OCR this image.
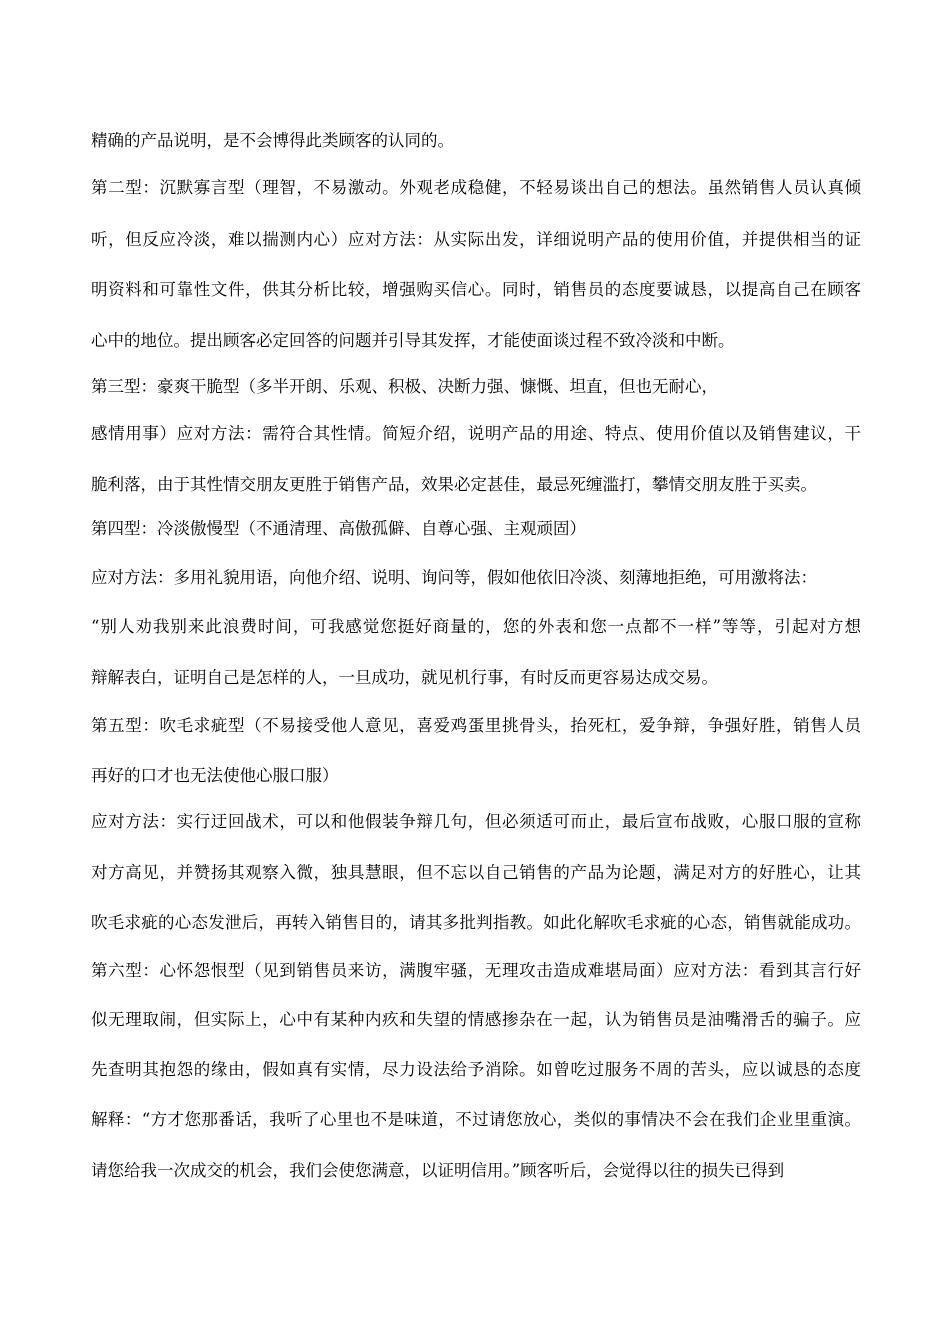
精确的产品说明，是不会博得此类顾客的认同的。
第二型：沉默寡言型（理智，不易激动。外观老成稳健，不轻易谈出自己的想法。虽然销售人员认真倾
听，但反应冷淡，难以揣测内心）应对方法：从实际出发，详细说明产品的使用价值，并提供相当的证
明资料和可靠性文件，供其分析比较，增强购买信心。同时，销售员的态度要诚恳，以提高自己在顾客
心中的地位。提出顾客必定回答的问题并引导其发挥，才能使面谈过程不致冷淡和中断。
第三型：豪爽干脆型（多半开朗、乐观、积极、决断力强、慷慨、坦直，但也无耐心，
感情用事）应对方法：需符合其性情。简短介绍，说明产品的用途、特点、使用价值以及销售建议，干
脆利落，由于其性情交朋友更胜于销售产品，效果必定甚佳，最忌死缠滥打，攀情交朋友胜于买卖。
第四型：冷淡傲慢型（不通清理、高傲孤僻、自尊心强、主观顽固）
应对方法：多用礼貌用语，向他介绍、说明、询问等，假如他依旧冷淡、刻薄地拒绝，可用激将法：
“别人劝我别来此浪费时间，可我感觉您挺好商量的，您的外表和您一点都不一样”等等，引起对方想
辩解表白，证明自己是怎样的人，一旦成功，就见机行事，有时反而更容易达成交易。
第五型：吹毛求疵型（不易接受他人意见，喜爱鸡蛋里挑骨头，抬死杠，爱争辩，争强好胜，销售人员
再好的口才也无法使他心服口服）
应对方法：实行迂回战术，可以和他假装争辩几句，但必须适可而止，最后宣布战败，心服口服的宣称
对方高见，并赞扬其观察入微，独具慧眼，但不忘以自己销售的产品为论题，满足对方的好胜心，让其
吹毛求疵的心态发泄后，再转入销售目的，请其多批判指教。如此化解吹毛求疵的心态，销售就能成功。
第六型：心怀怨恨型（见到销售员来访，满腹牢骚，无理攻击造成难堪局面）应对方法：看到其言行好
似无理取闹，但实际上，心中有某种内疚和失望的情感掺杂在一起，认为销售员是油嘴滑舌的骗子。应
先查明其抱怨的缘由，假如真有实情，尽力设法给予消除。如曾吃过服务不周的苦头，应以诚恳的态度
解释：“方才您那番话，我听了心里也不是味道，不过请您放心，类似的事情决不会在我们企业里重演。
请您给我一次成交的机会，我们会使您满意，以证明信用。”顾客听后，会觉得以往的损失已得到
